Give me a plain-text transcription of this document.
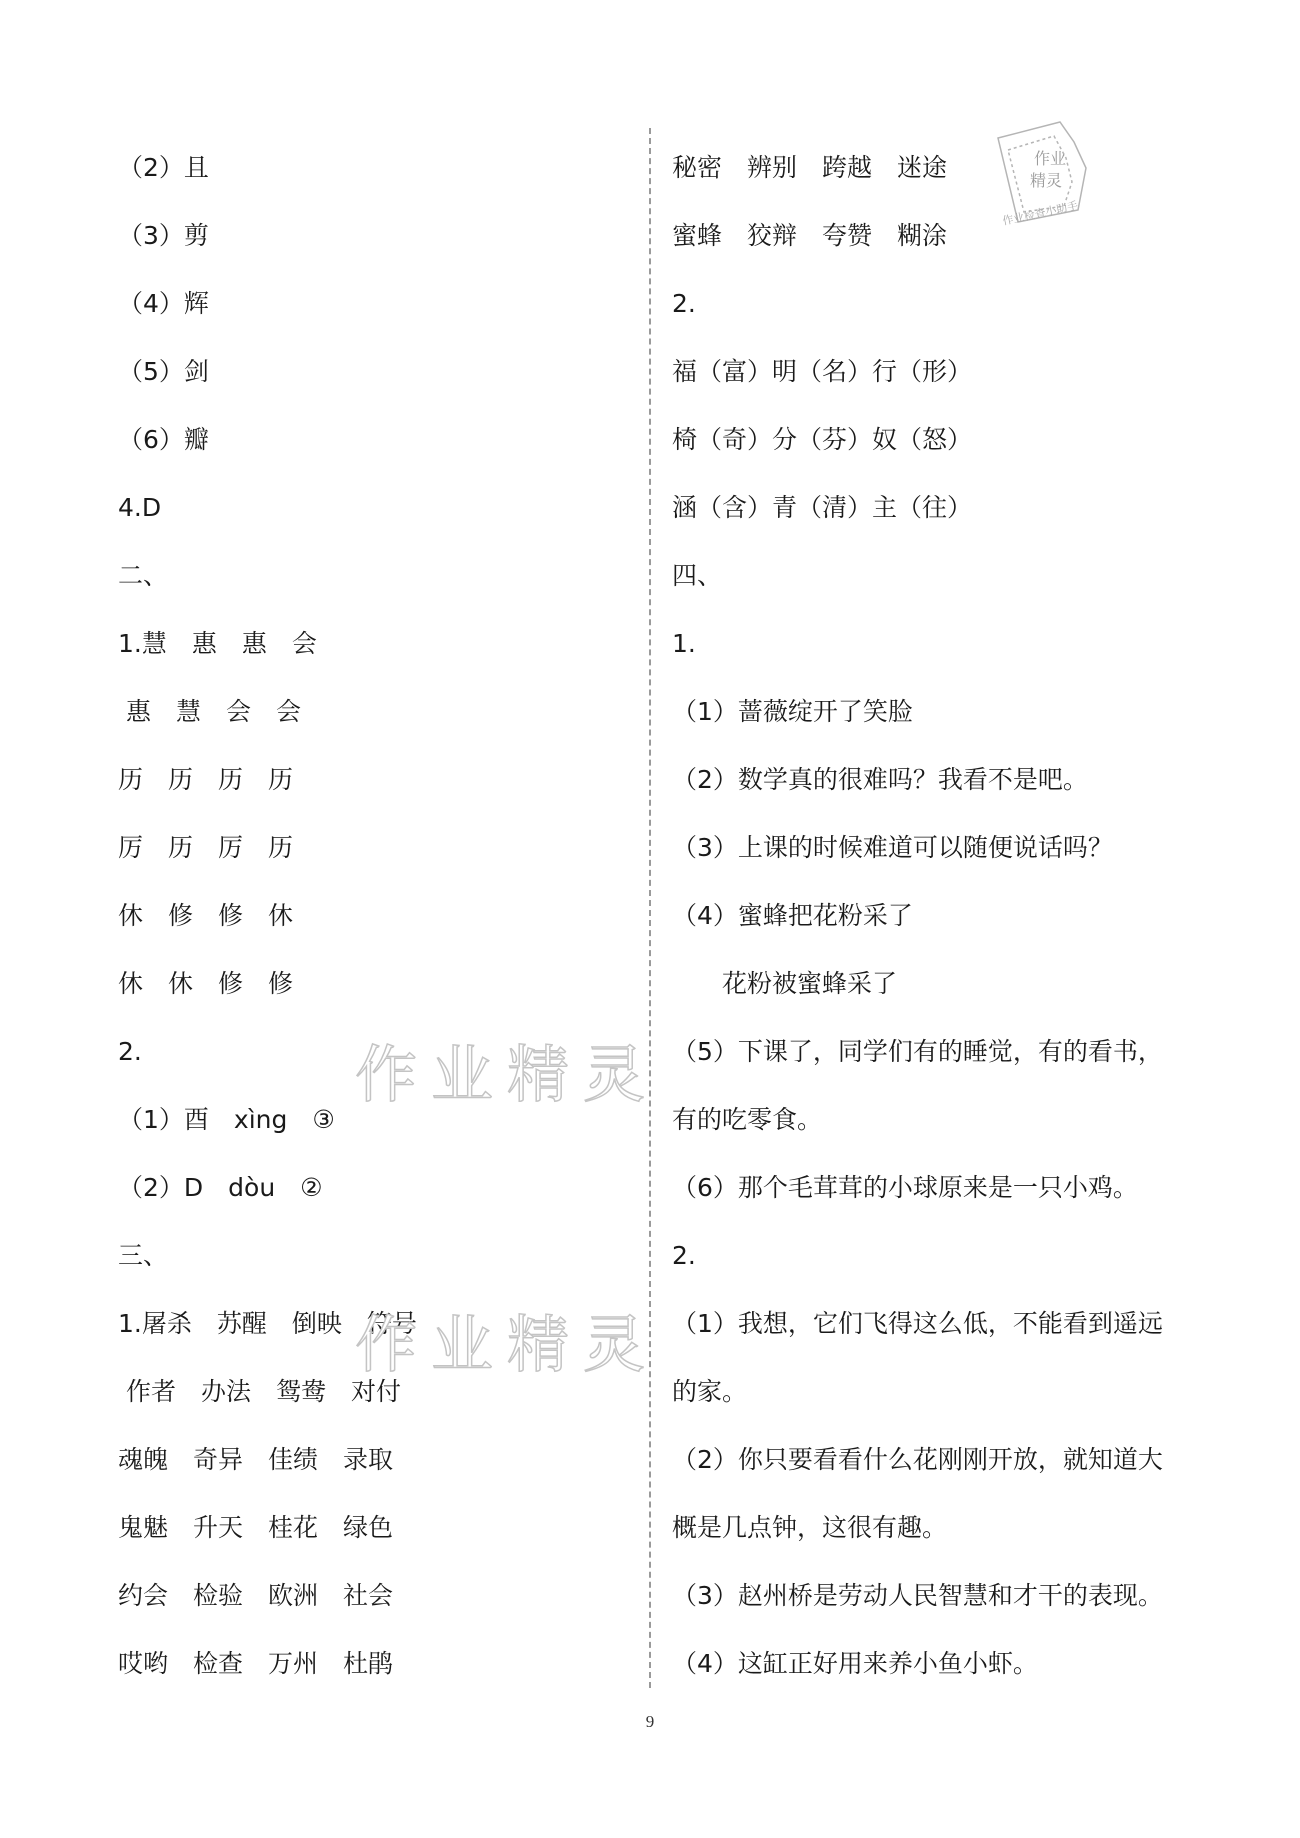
（2）且
（3）剪
（4）辉
（5）剑
（6）瓣
4.D
二、
1.慧　惠　惠　会
惠　慧　会　会
历　历　历　历
厉　历　厉　历
休　修　修　休
休　休　修　修
2.
（1）酉　xìng　③
（2）D　dòu　②
三、
1.屠杀　苏醒　倒映　符号
作者　办法　鸳鸯　对付
魂魄　奇异　佳绩　录取
鬼魅　升天　桂花　绿色
约会　检验　欧洲　社会
哎哟　检查　万州　杜鹃
秘密　辨别　跨越　迷途
蜜蜂　狡辩　夸赞　糊涂
2.
福（富）明（名）行（形）
椅（奇）分（芬）奴（怒）
涵（含）青（清）主（往）
四、
1.
（1）蔷薇绽开了笑脸
（2）数学真的很难吗？我看不是吧。
（3）上课的时候难道可以随便说话吗？
（4）蜜蜂把花粉采了
　　花粉被蜜蜂采了
（5）下课了，同学们有的睡觉，有的看书，
有的吃零食。
（6）那个毛茸茸的小球原来是一只小鸡。
2.
（1）我想，它们飞得这么低，不能看到遥远
的家。
（2）你只要看看什么花刚刚开放，就知道大
概是几点钟，这很有趣。
（3）赵州桥是劳动人民智慧和才干的表现。
（4）这缸正好用来养小鱼小虾。
作业精灵
作业精灵
作业
精灵
作业检查小助手
9
